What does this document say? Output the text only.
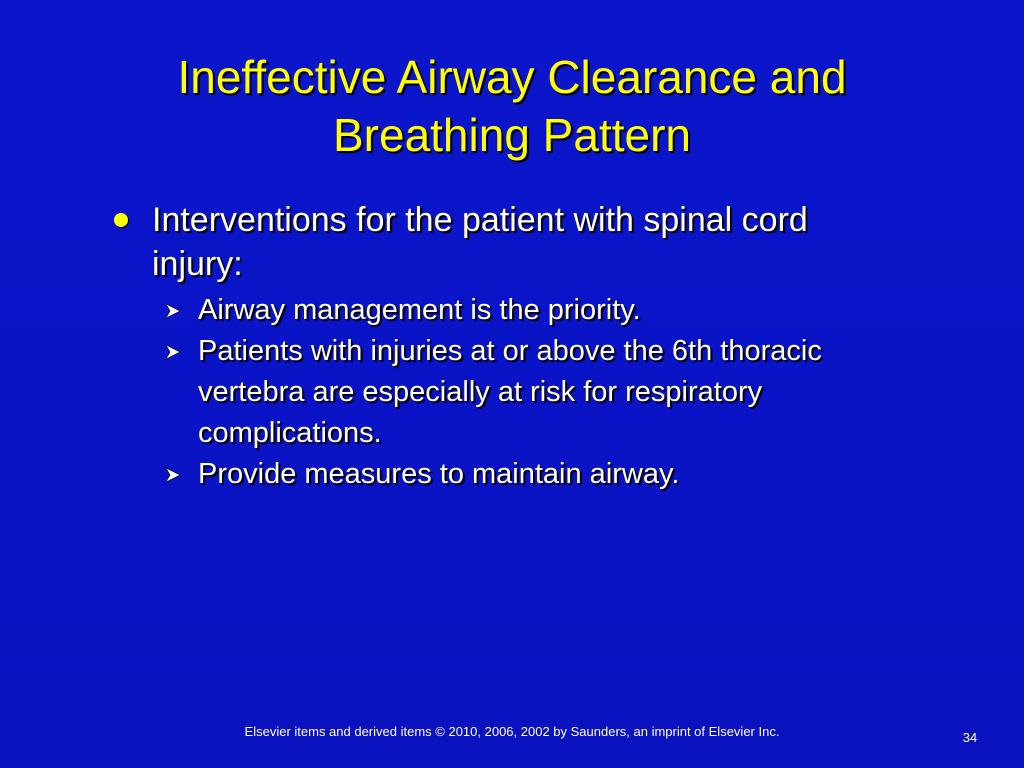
Ineffective Airway Clearance and
Breathing Pattern
Interventions for the patient with spinal cord injury:
Airway management is the priority.
Patients with injuries at or above the 6th thoracic vertebra are especially at risk for respiratory complications.
Provide measures to maintain airway.
Elsevier items and derived items © 2010, 2006, 2002 by Saunders, an imprint of Elsevier Inc.	34
